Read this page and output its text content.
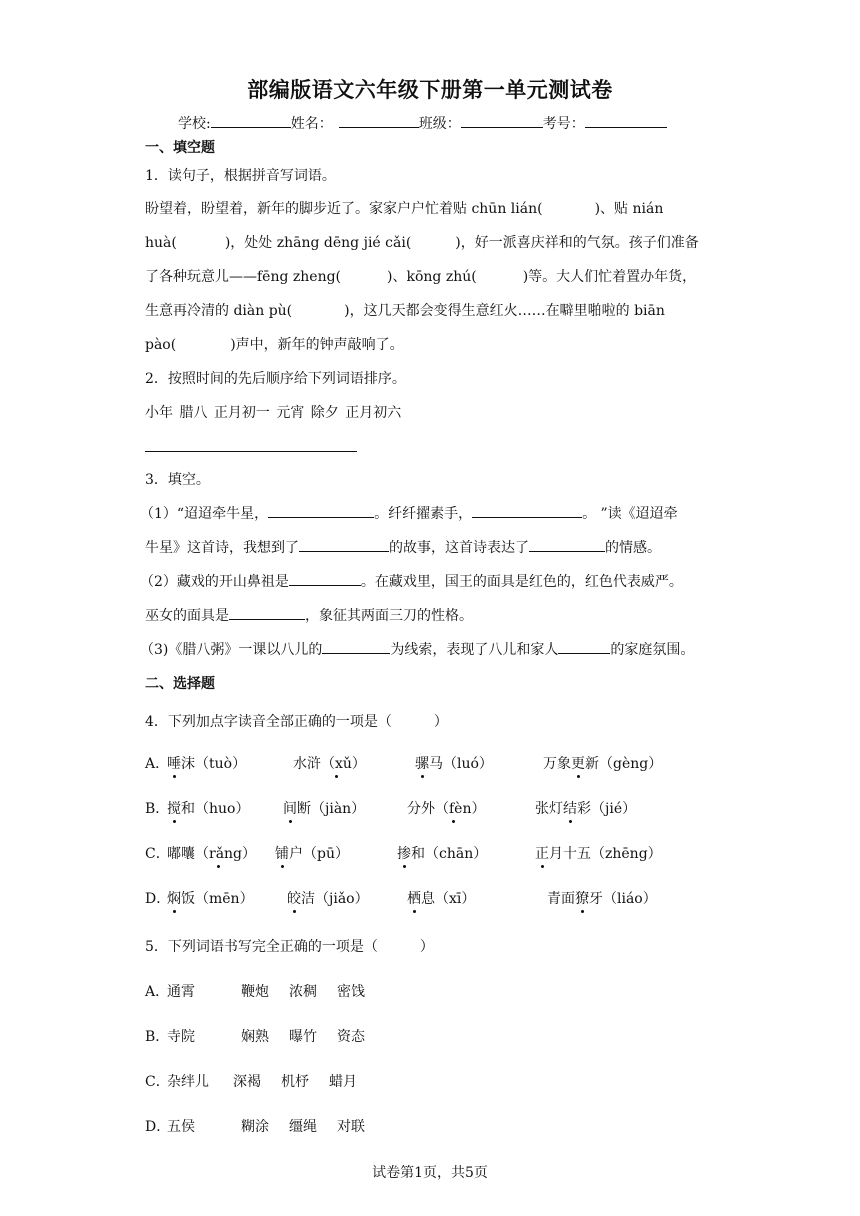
部编版语文六年级下册第一单元测试卷
学校:	姓名：	班级：	考号：
一、填空题
1．读句子，根据拼音写词语。
盼望着，盼望着，新年的脚步近了。家家户户忙着贴 chūn lián(	)、贴 nián
huà(	)，处处 zhāng dēng jié cǎi(	)，好一派喜庆祥和的气氛。孩子们准备
了各种玩意儿——fēng zheng(	)、kōng zhú(	)等。大人们忙着置办年货，
生意再冷清的 diàn pù(	)，这几天都会变得生意红火……在噼里啪啦的 biān
pào(	)声中，新年的钟声敲响了。
2．按照时间的先后顺序给下列词语排序。
小年 腊八 正月初一 元宵 除夕 正月初六
3．填空。
（1）“迢迢牵牛星，	。纤纤擢素手，	。 ”读《迢迢牵
牛星》这首诗，我想到了	的故事，这首诗表达了	的情感。
（2）藏戏的开山鼻祖是	。在藏戏里，国王的面具是红色的，红色代表威严。
巫女的面具是	，象征其两面三刀的性格。
（3)《腊八粥》一课以八儿的	为线索，表现了八儿和家人	的家庭氛围。
二、选择题
4．下列加点字读音全部正确的一项是（	）
A．唾沫（tuò）	水浒（xǔ）	骡马（luó）	万象更新（gèng）
B．搅和（huo） 间断（jiàn）	分外（fèn）	张灯结彩（jié）
C．嘟囔（rǎng） 铺户（pū）	掺和（chān）	正月十五（zhēng）
D．焖饭（mēn） 皎洁（jiǎo）	栖息（xī）	青面獠牙（liáo）
5．下列词语书写完全正确的一项是（	）
A．通霄	鞭炮 浓稠 密饯
B．寺院	娴熟 曝竹 资态
C．杂绊儿 深褐 机杼 蜡月
D．五侯	糊涂 缰绳 对联
试卷第1页，共5页
